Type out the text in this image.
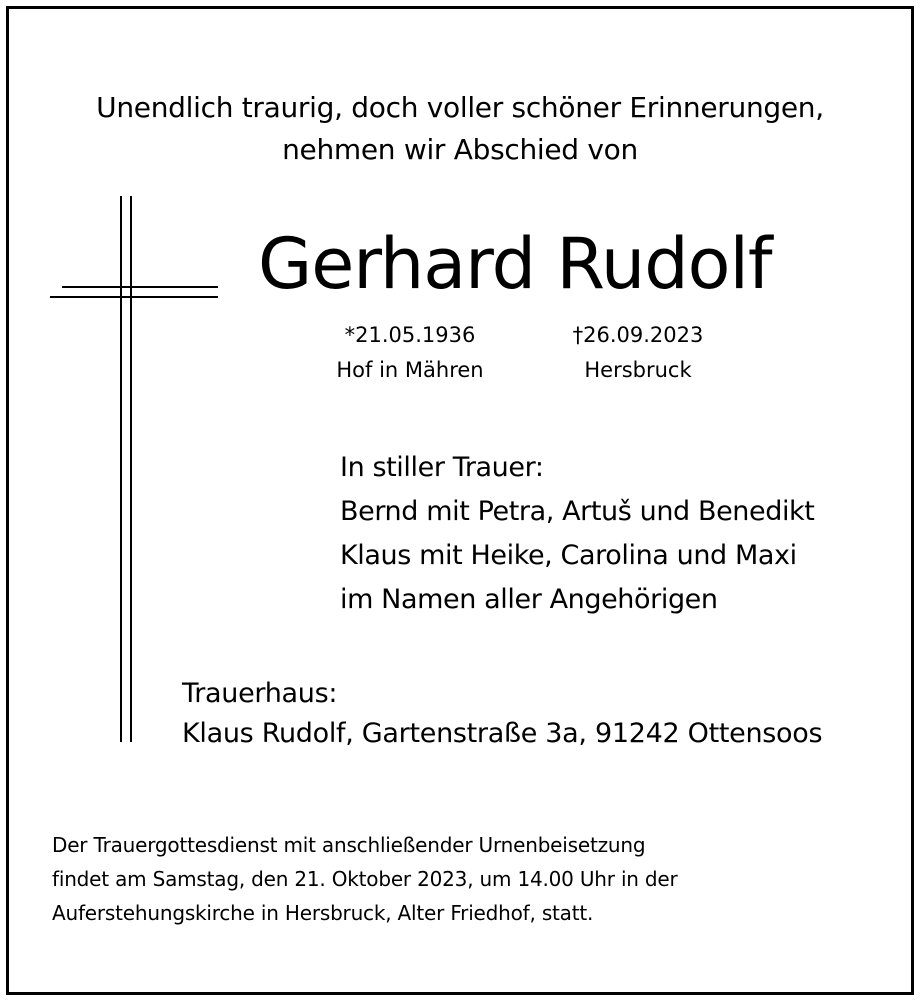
Unendlich traurig, doch voller schöner Erinnerungen,
nehmen wir Abschied von
Gerhard Rudolf
*21.05.1936
Hof in Mähren
†26.09.2023
Hersbruck
In stiller Trauer:
Bernd mit Petra, Artuš und Benedikt
Klaus mit Heike, Carolina und Maxi
im Namen aller Angehörigen
Trauerhaus:
Klaus Rudolf, Gartenstraße 3a, 91242 Ottensoos
Der Trauergottesdienst mit anschließender Urnenbeisetzung
findet am Samstag, den 21. Oktober 2023, um 14.00 Uhr in der
Auferstehungskirche in Hersbruck, Alter Friedhof, statt.
